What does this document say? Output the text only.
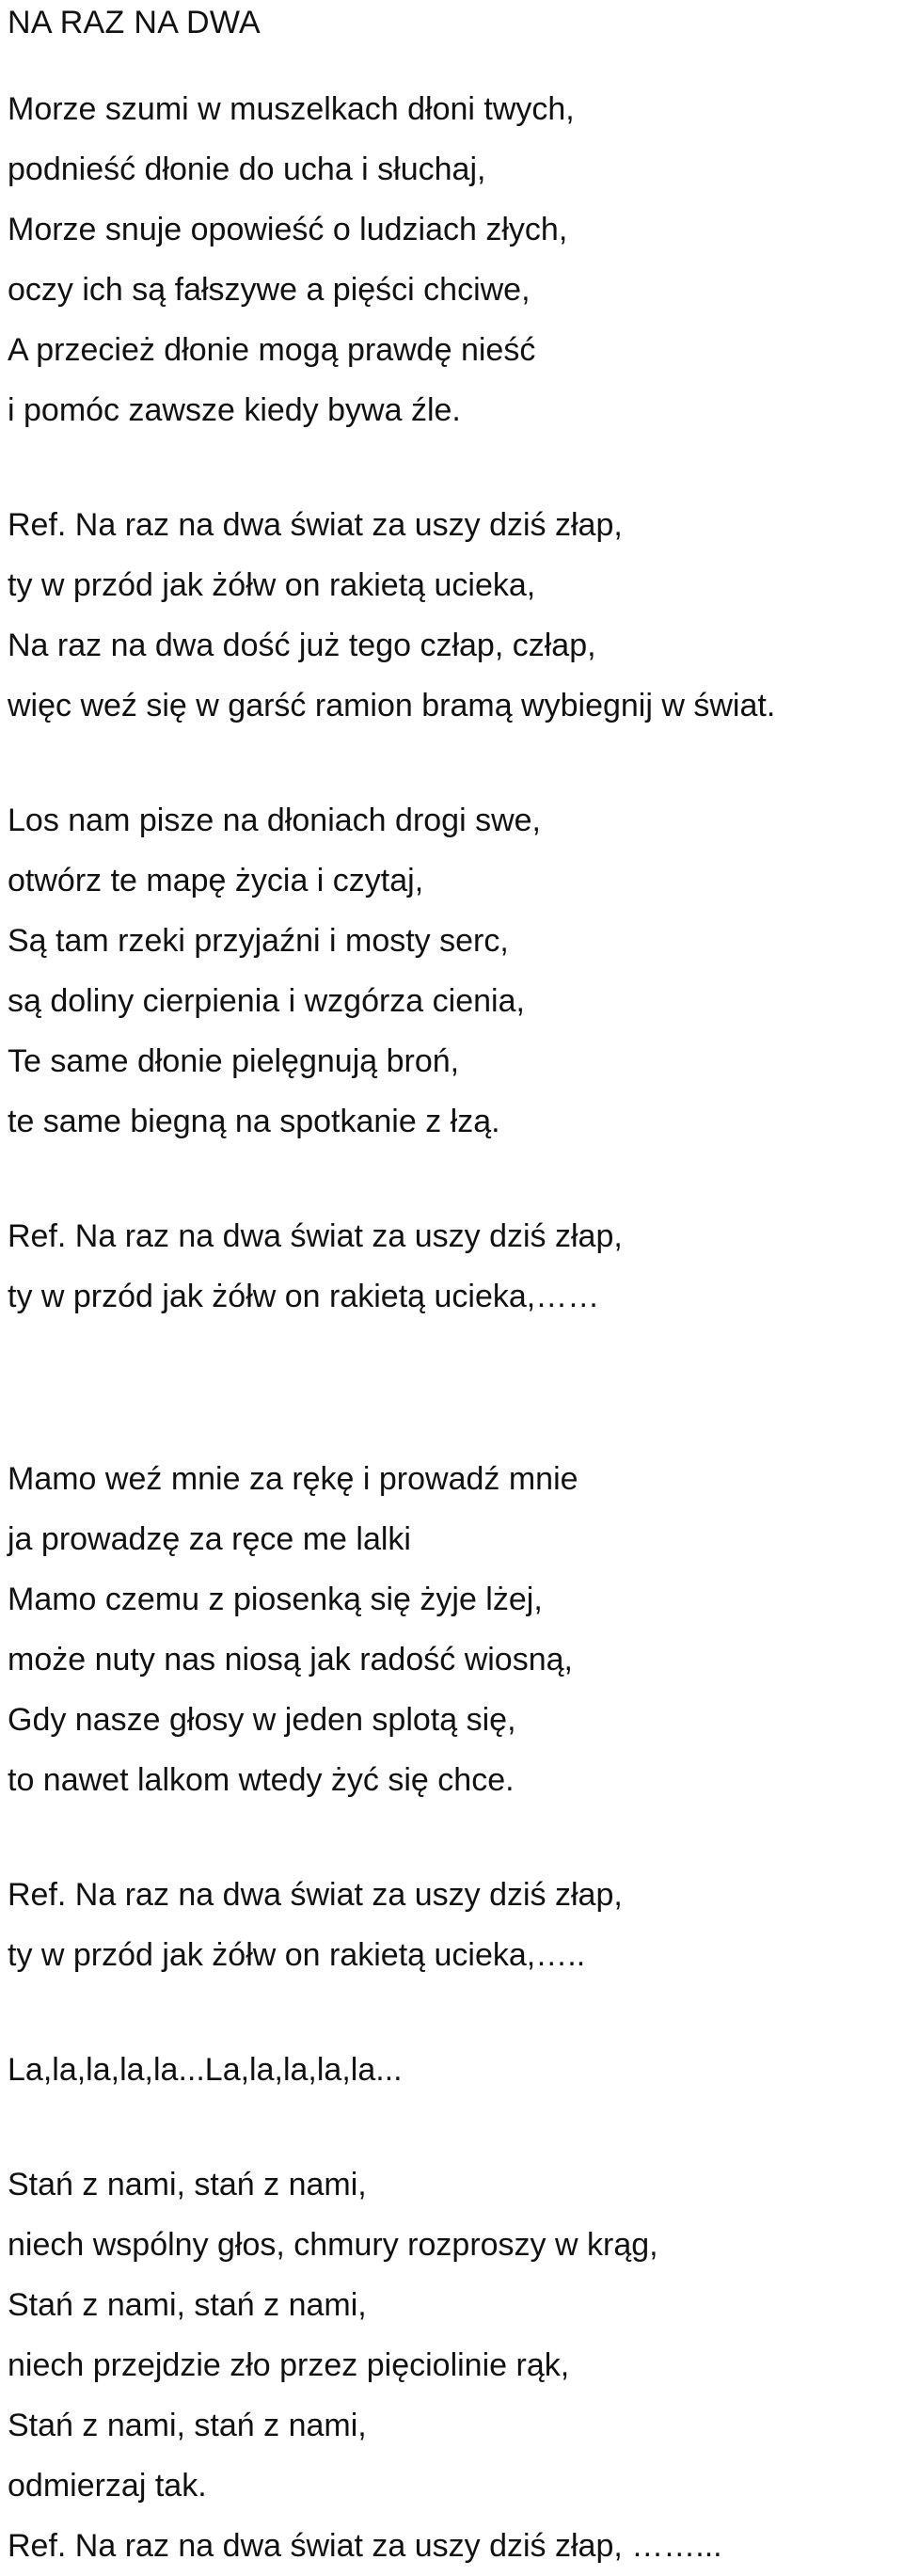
NA RAZ NA DWA
Morze szumi w muszelkach dłoni twych,
podnieść dłonie do ucha i słuchaj,
Morze snuje opowieść o ludziach złych,
oczy ich są fałszywe a pięści chciwe,
A przecież dłonie mogą prawdę nieść
i pomóc zawsze kiedy bywa źle.
Ref. Na raz na dwa świat za uszy dziś złap,
ty w przód jak żółw on rakietą ucieka,
Na raz na dwa dość już tego człap, człap,
więc weź się w garść ramion bramą wybiegnij w świat.
Los nam pisze na dłoniach drogi swe,
otwórz te mapę życia i czytaj,
Są tam rzeki przyjaźni i mosty serc,
są doliny cierpienia i wzgórza cienia,
Te same dłonie pielęgnują broń,
te same biegną na spotkanie z łzą.
Ref. Na raz na dwa świat za uszy dziś złap,
ty w przód jak żółw on rakietą ucieka,……
Mamo weź mnie za rękę i prowadź mnie
ja prowadzę za ręce me lalki
Mamo czemu z piosenką się żyje lżej,
może nuty nas niosą jak radość wiosną,
Gdy nasze głosy w jeden splotą się,
to nawet lalkom wtedy żyć się chce.
Ref. Na raz na dwa świat za uszy dziś złap,
ty w przód jak żółw on rakietą ucieka,…..
La,la,la,la,la...La,la,la,la,la...
Stań z nami, stań z nami,
niech wspólny głos, chmury rozproszy w krąg,
Stań z nami, stań z nami,
niech przejdzie zło przez pięciolinie rąk,
Stań z nami, stań z nami,
odmierzaj tak.
Ref. Na raz na dwa świat za uszy dziś złap, ……...
